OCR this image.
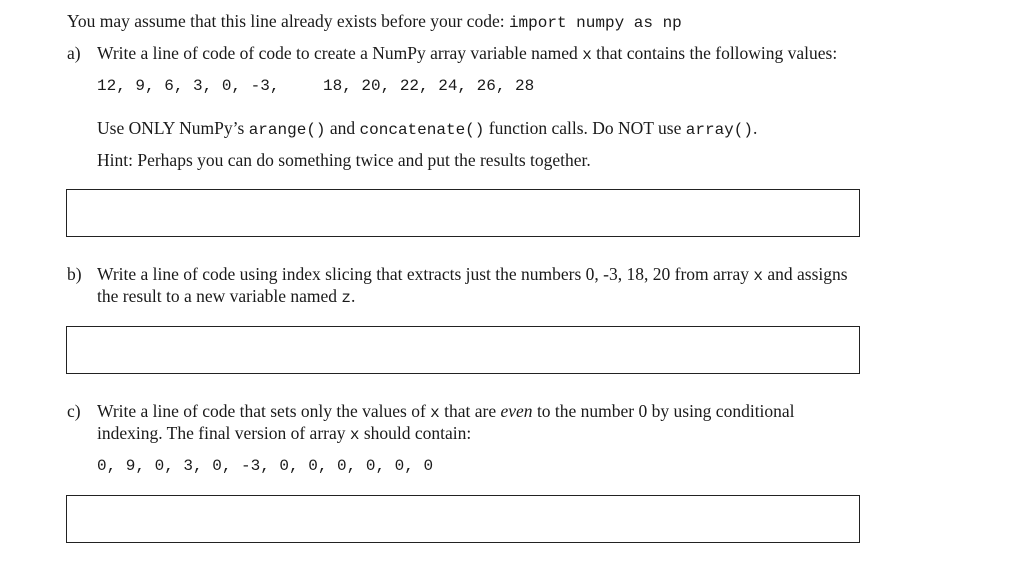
You may assume that this line already exists before your code: import numpy as np
a) Write a line of code of code to create a NumPy array variable named x that contains the following values:
12, 9, 6, 3, 0, -3,	18, 20, 22, 24, 26, 28
Use ONLY NumPy’s arange() and concatenate() function calls. Do NOT use array().
Hint: Perhaps you can do something twice and put the results together.
b) Write a line of code using index slicing that extracts just the numbers 0, -3, 18, 20 from array x and assigns
the result to a new variable named z.
c) Write a line of code that sets only the values of x that are even to the number 0 by using conditional
indexing. The final version of array x should contain:
0, 9, 0, 3, 0, -3, 0, 0, 0, 0, 0, 0
